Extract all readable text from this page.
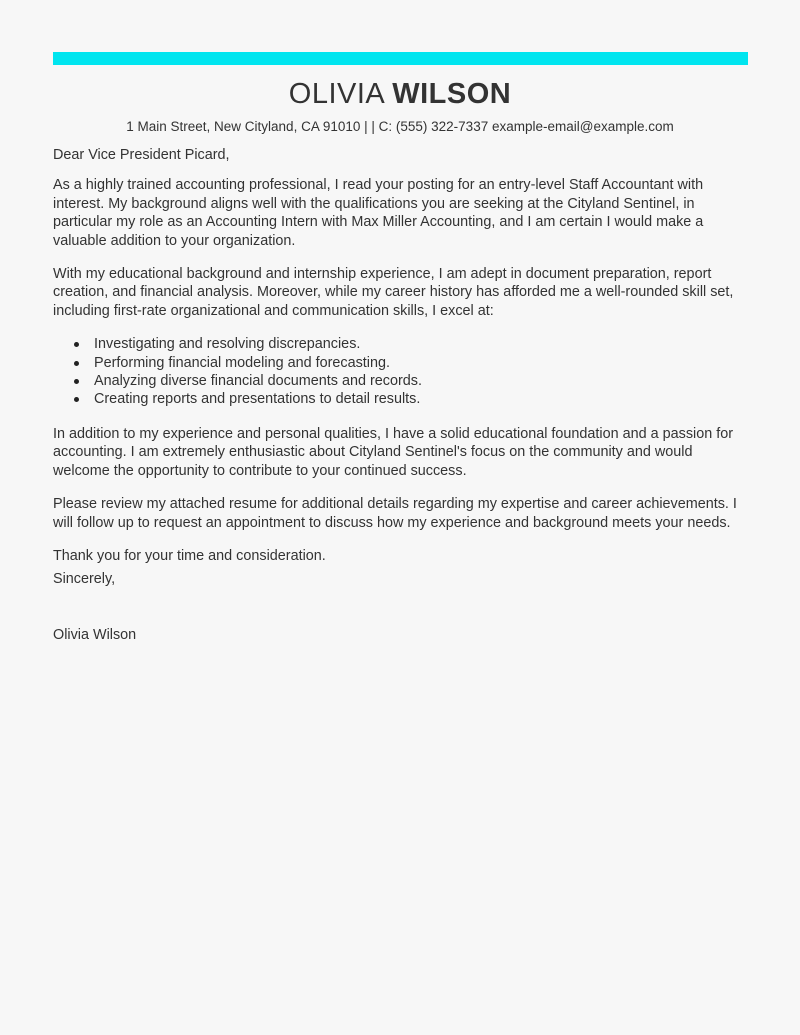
OLIVIA WILSON
1 Main Street, New Cityland, CA 91010 | | C: (555) 322-7337 example-email@example.com

Dear Vice President Picard,

As a highly trained accounting professional, I read your posting for an entry-level Staff Accountant with interest. My background aligns well with the qualifications you are seeking at the Cityland Sentinel, in particular my role as an Accounting Intern with Max Miller Accounting, and I am certain I would make a valuable addition to your organization.

With my educational background and internship experience, I am adept in document preparation, report creation, and financial analysis. Moreover, while my career history has afforded me a well-rounded skill set, including first-rate organizational and communication skills, I excel at:

Investigating and resolving discrepancies.
Performing financial modeling and forecasting.
Analyzing diverse financial documents and records.
Creating reports and presentations to detail results.

In addition to my experience and personal qualities, I have a solid educational foundation and a passion for accounting. I am extremely enthusiastic about Cityland Sentinel's focus on the community and would welcome the opportunity to contribute to your continued success.

Please review my attached resume for additional details regarding my expertise and career achievements. I will follow up to request an appointment to discuss how my experience and background meets your needs.

Thank you for your time and consideration.

Sincerely,

Olivia Wilson
